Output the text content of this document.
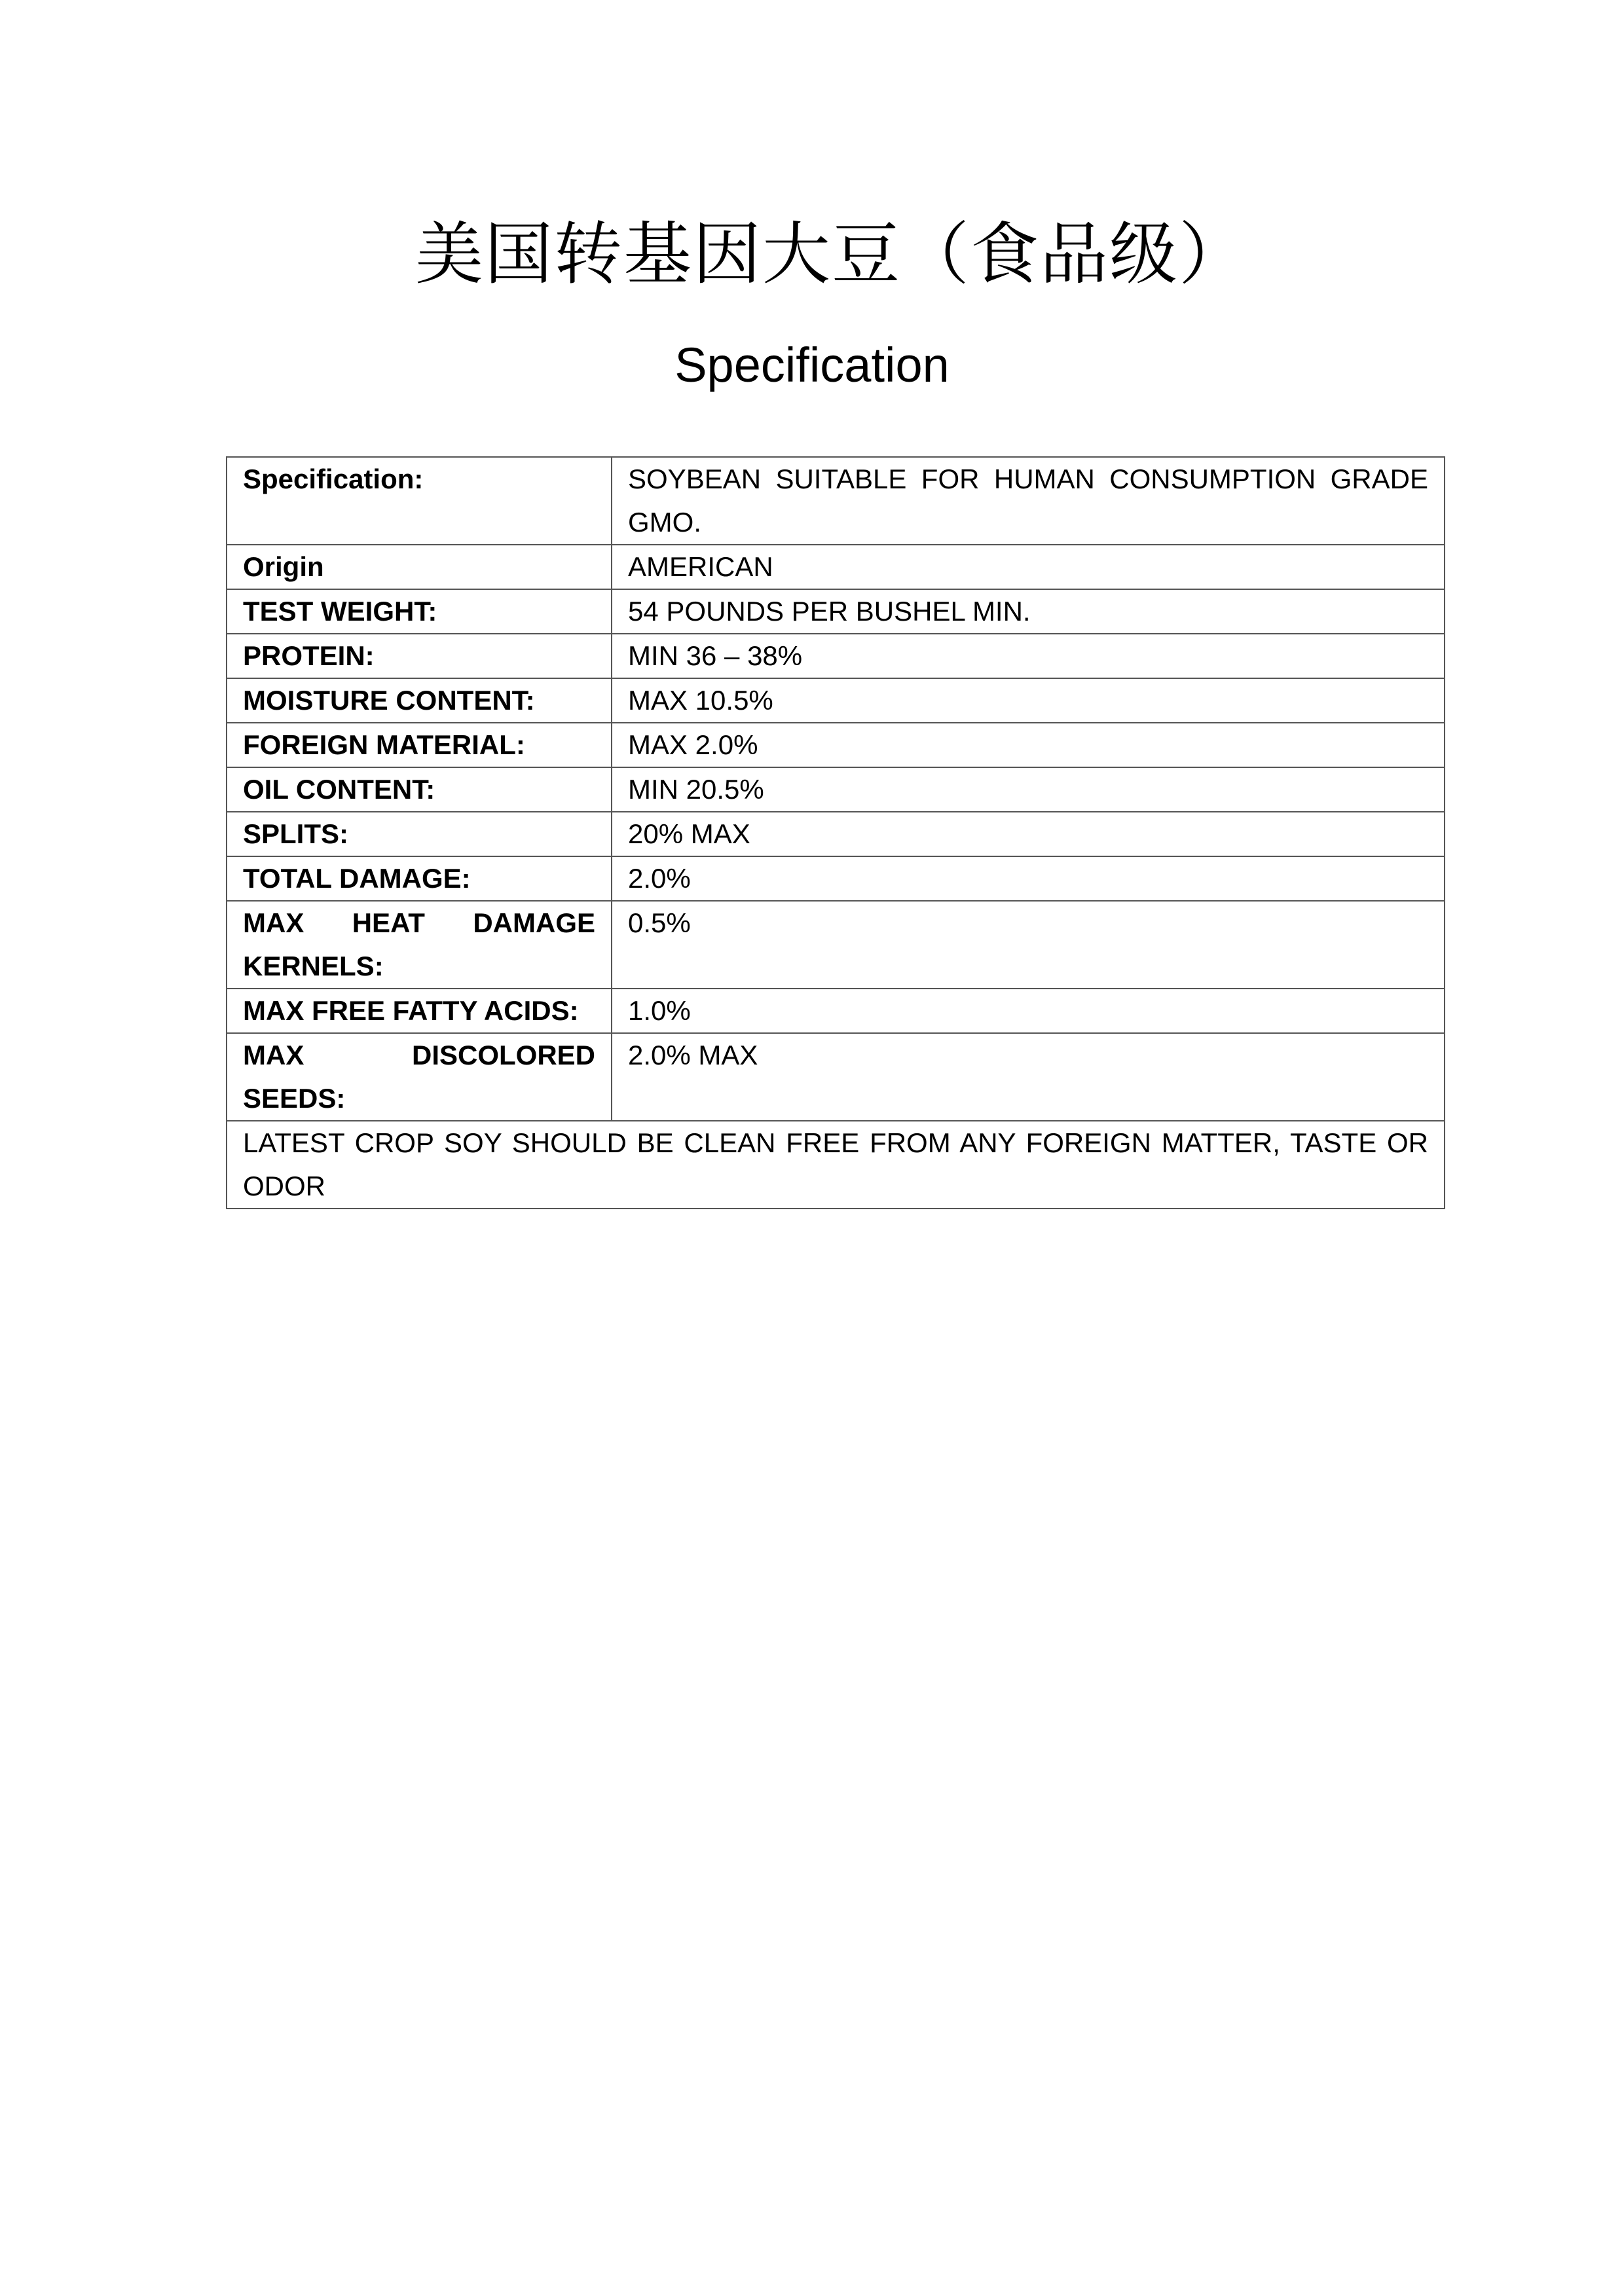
美国转基因大豆（食品级）
Specification
Specification:	SOYBEAN SUITABLE FOR HUMAN CONSUMPTION GRADE GMO.
Origin	AMERICAN
TEST WEIGHT:	54 POUNDS PER BUSHEL MIN.
PROTEIN:	MIN 36 – 38%
MOISTURE CONTENT:	MAX 10.5%
FOREIGN MATERIAL:	MAX 2.0%
OIL CONTENT:	MIN 20.5%
SPLITS:	20% MAX
TOTAL DAMAGE:	2.0%
MAX HEAT DAMAGE KERNELS:	0.5%
MAX FREE FATTY ACIDS:	1.0%
MAX DISCOLORED SEEDS:	2.0% MAX
LATEST CROP SOY SHOULD BE CLEAN FREE FROM ANY FOREIGN MATTER, TASTE OR ODOR	
